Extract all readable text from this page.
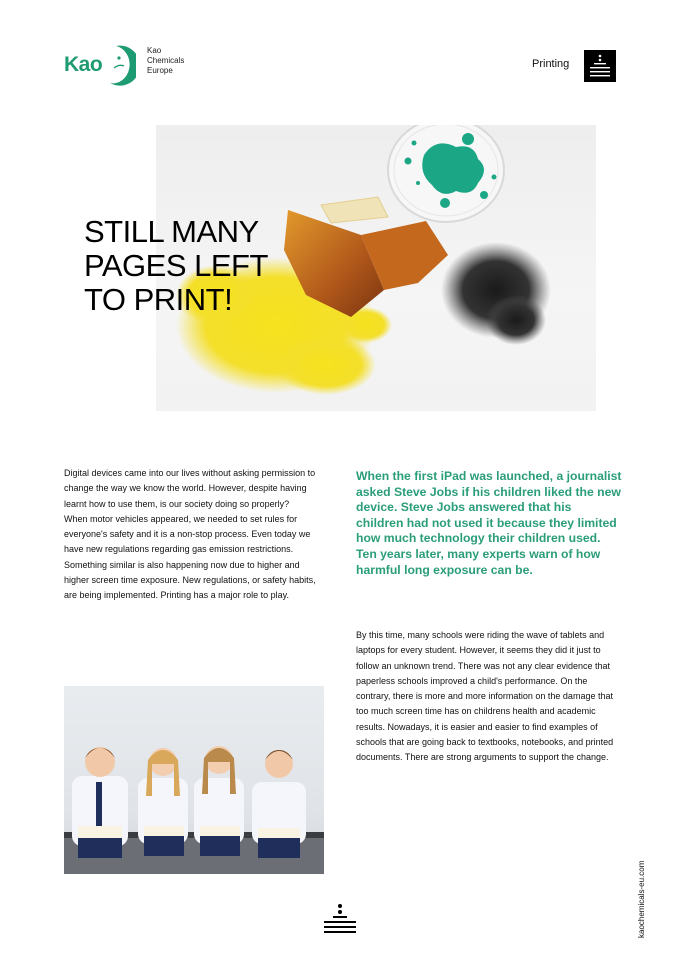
Kao
Kao
Chemicals
Europe
Printing
STILL MANY
PAGES LEFT
TO PRINT!

Digital devices came into our lives without asking permission to change the way we know the world. However, despite having learnt how to use them, is our society doing so properly?

When motor vehicles appeared, we needed to set rules for everyone's safety and it is a non-stop process. Even today we have new regulations regarding gas emission restrictions.

Something similar is also happening now due to higher and higher screen time exposure. New regulations, or safety habits, are being implemented. Printing has a major role to play.

When the first iPad was launched, a journalist asked Steve Jobs if his children liked the new device. Steve Jobs answered that his children had not used it because they limited how much technology their children used. Ten years later, many experts warn of how harmful long exposure can be.

By this time, many schools were riding the wave of tablets and laptops for every student. However, it seems they did it just to follow an unknown trend. There was not any clear evidence that paperless schools improved a child's performance. On the contrary, there is more and more information on the damage that too much screen time has on childrens health and academic results. Nowadays, it is easier and easier to find examples of schools that are going back to textbooks, notebooks, and printed documents. There are strong arguments to support the change.

kaochemicals-eu.com
